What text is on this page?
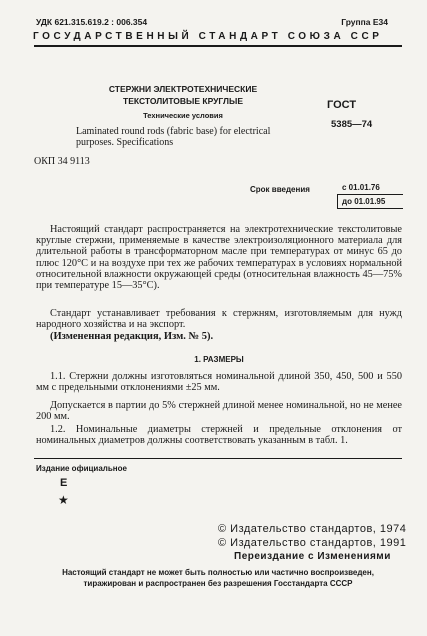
УДК 621.315.619.2 : 006.354	Группа Е34
ГОСУДАРСТВЕННЫЙ СТАНДАРТ СОЮЗА ССР
СТЕРЖНИ ЭЛЕКТРОТЕХНИЧЕСКИЕ
ТЕКСТОЛИТОВЫЕ КРУГЛЫЕ
Технические условия
Laminated round rods (fabric base) for electrical purposes. Specifications
ОКП 34 9113
ГОСТ
5385—74
Срок введения	с 01.01.76
до 01.01.95

Настоящий стандарт распространяется на электротехнические текстолитовые круглые стержни, применяемые в качестве электроизоляционного материала для длительной работы в трансформаторном масле при температурах от минус 65 до плюс 120°С и на воздухе при тех же рабочих температурах в условиях нормальной относительной влажности окружающей среды (относительная влажность 45—75% при температуре 15—35°С).

Стандарт устанавливает требования к стержням, изготовляемым для нужд народного хозяйства и на экспорт.

(Измененная редакция, Изм. № 5).
1. РАЗМЕРЫ

1.1. Стержни должны изготовляться номинальной длиной 350, 450, 500 и 550 мм с предельными отклонениями ±25 мм.

Допускается в партии до 5% стержней длиной менее номинальной, но не менее 200 мм.

1.2. Номинальные диаметры стержней и предельные отклонения от номинальных диаметров должны соответствовать указанным в табл. 1.

Издание официальное
Е
★
© Издательство стандартов, 1974
© Издательство стандартов, 1991
Переиздание с Изменениями
Настоящий стандарт не может быть полностью или частично воспроизведен,
тиражирован и распространен без разрешения Госстандарта СССР
